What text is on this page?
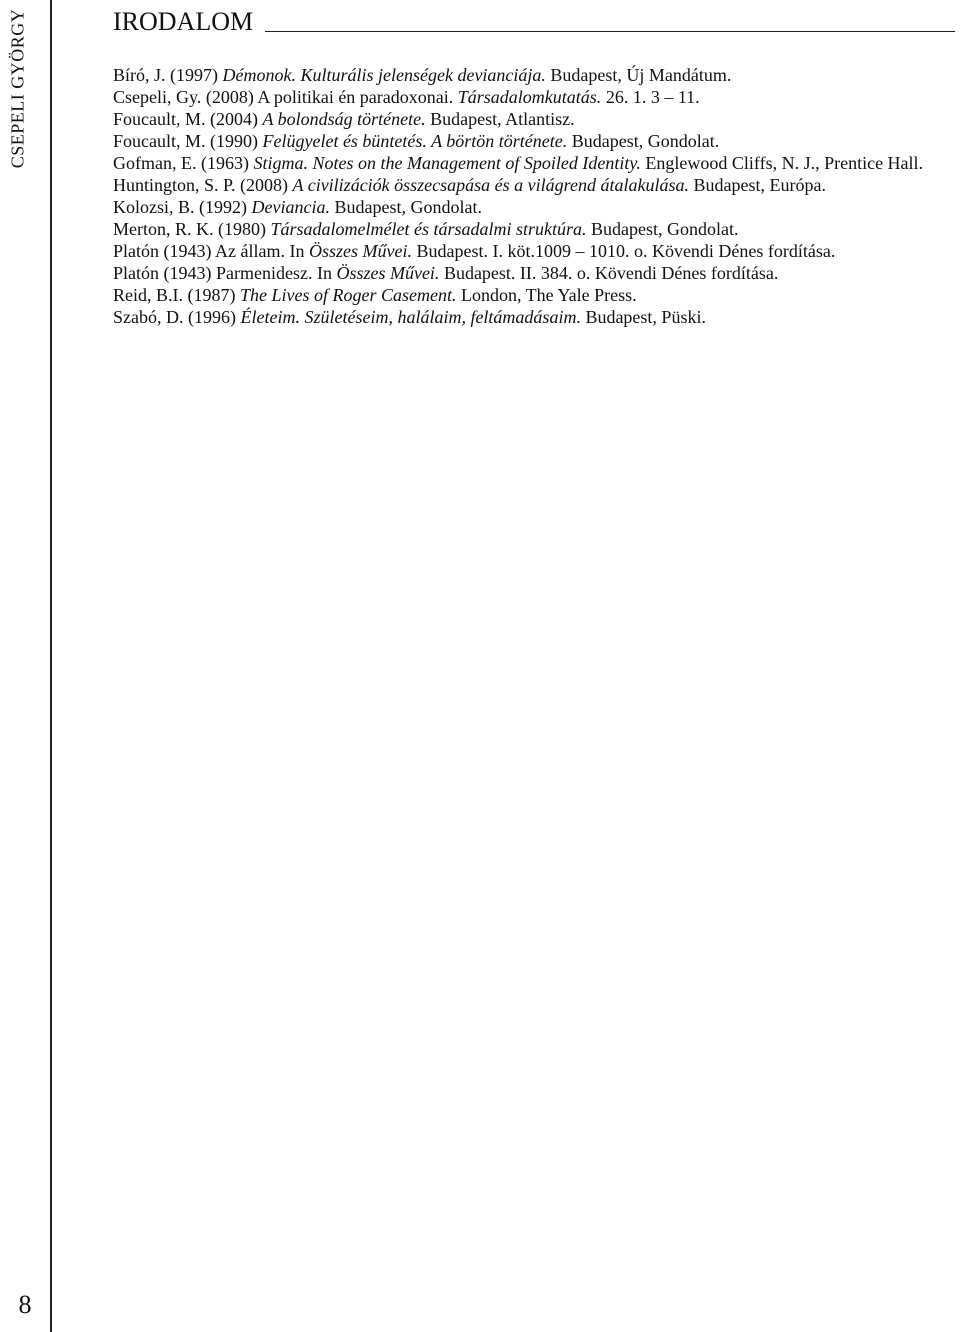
CSEPELI GYÖRGY
8
IRODALOM
Bíró, J. (1997) Démonok. Kulturális jelenségek devianciája. Budapest, Új Mandátum.
Csepeli, Gy. (2008) A politikai én paradoxonai. Társadalomkutatás. 26. 1. 3 – 11.
Foucault, M. (2004) A bolondság története. Budapest, Atlantisz.
Foucault, M. (1990) Felügyelet és büntetés. A börtön története. Budapest, Gondolat.
Gofman, E. (1963) Stigma. Notes on the Management of Spoiled Identity. Englewood Cliffs, N. J., Prentice Hall.
Huntington, S. P. (2008) A civilizációk összecsapása és a világrend átalakulása. Budapest, Európa.
Kolozsi, B. (1992) Deviancia. Budapest, Gondolat.
Merton, R. K. (1980) Társadalomelmélet és társadalmi struktúra. Budapest, Gondolat.
Platón (1943) Az állam. In Összes Művei. Budapest. I. köt.1009 – 1010. o. Kövendi Dénes fordítása.
Platón (1943) Parmenidesz. In Összes Művei. Budapest. II. 384. o. Kövendi Dénes fordítása.
Reid, B.I. (1987) The Lives of Roger Casement. London, The Yale Press.
Szabó, D. (1996) Életeim. Születéseim, halálaim, feltámadásaim. Budapest, Püski.
